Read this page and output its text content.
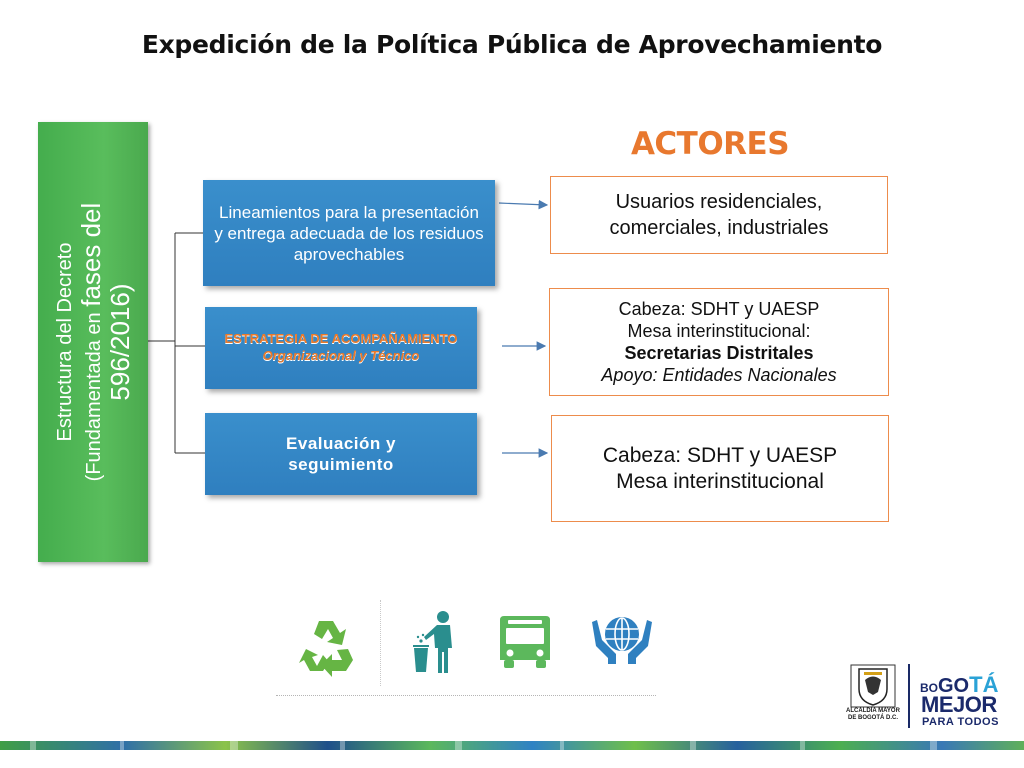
Expedición de la Política Pública de Aprovechamiento
ACTORES
Estructura del Decreto (Fundamentada en fases del
596/2016)
Lineamientos para la presentación y entrega adecuada de los residuos aprovechables
ESTRATEGIA DE ACOMPAÑAMIENTO
Organizacional y Técnico
Evaluación y
seguimiento
Usuarios residenciales,
comerciales, industriales
Cabeza: SDHT y UAESP
Mesa interinstitucional:
Secretarias Distritales
Apoyo: Entidades Nacionales
Cabeza: SDHT y UAESP
Mesa interinstitucional
ALCALDÍA MAYOR
DE BOGOTÁ D.C.
BOGOTÁ
MEJOR
PARA TODOS
